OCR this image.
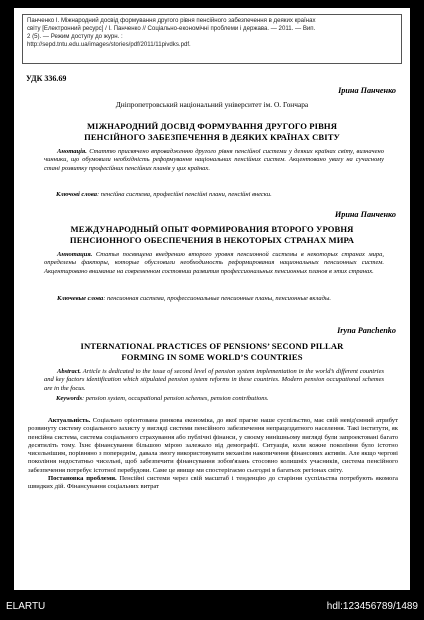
Панченко І. Міжнародний досвід формування другого рівня пенсійного забезпечення в деяких країнах
світу [Електронний ресурс] / І. Панченко // Соціально-економічні проблеми і держава. — 2011. — Вип.
2 (5). — Режим доступу до журн. :
http://sepd.tntu.edu.ua/images/stories/pdf/2011/11pivdks.pdf.
УДК 336.69
Ірина Панченко
Дніпропетровський національний університет ім. О. Гончара
МІЖНАРОДНИЙ ДОСВІД ФОРМУВАННЯ ДРУГОГО РІВНЯ
ПЕНСІЙНОГО ЗАБЕЗПЕЧЕННЯ В ДЕЯКИХ КРАЇНАХ СВІТУ
  Анотація. Статтю присвячено впровадженню другого рівня пенсійної системи у деяких країнах світу, визначено чинники, що обумовили необхідність реформування національних пенсійних систем. Акцентовано увагу на сучасному стані розвитку професійних пенсійних планів у цих країнах.
Ключові слова: пенсійна система, професійні пенсійні плани, пенсійні внески.
Ирина Панченко
МЕЖДУНАРОДНЫЙ ОПЫТ ФОРМИРОВАНИЯ ВТОРОГО УРОВНЯ
ПЕНСИОННОГО ОБЕСПЕЧЕНИЯ В НЕКОТОРЫХ СТРАНАХ МИРА
  Аннотация. Статья посвящена внедрению второго уровня пенсионной системы в некоторых странах мира, определены факторы, которые обусловили необходимость реформирования национальных пенсионных систем. Акцентировано внимание на современном состоянии развития профессиональных пенсионных планов в этих странах.
  Ключевые слова: пенсионная система, профессиональные пенсионные планы, пенсионные вклады.
Iryna Panchenko
INTERNATIONAL PRACTICES OF PENSIONS’ SECOND PILLAR
FORMING IN SOME WORLD’S COUNTRIES
  Abstract. Article is dedicated to the issue of second level of pension system implementation in the world’s different countries and key factors identification which stipulated pension system reforms in these countries. Modern pension occupational schemes are in the focus.
Keywords: pension system, occupational pension schemes, pension contributions.

Актуальність. Соціально орієнтована ринкова економіка, до якої прагне наше суспільство, має свій невід'ємний атрибут розвинуту систему соціального захисту у вигляді системи пенсійного забезпечення непрацездатного населення. Такі інститути, як пенсійна система, система соціального страхування або публічні фінанси, у своєму нинішньому вигляді були запроектовані багато десятиліть тому. Їхнє фінансування більшою мірою залежало від демографії. Ситуація, коли кожне покоління було істотно чисельнішим, порівняно з попереднім, давала змогу використовувати механізм накопичення фінансових активів. Але якщо чергові покоління недостатньо чисельні, щоб забезпечити фінансування зобов'язань стосовно колишніх учасників, система пенсійного забезпечення потребує істотної перебудови. Саме це явище ми спостерігаємо сьогодні в багатьох регіонах світу.

Постановка проблеми. Пенсійні системи через свій масштаб і тенденцію до старіння суспільства потребують якомога швидких дій. Фінансування соціальних витрат

ELARTU	hdl:123456789/1489
